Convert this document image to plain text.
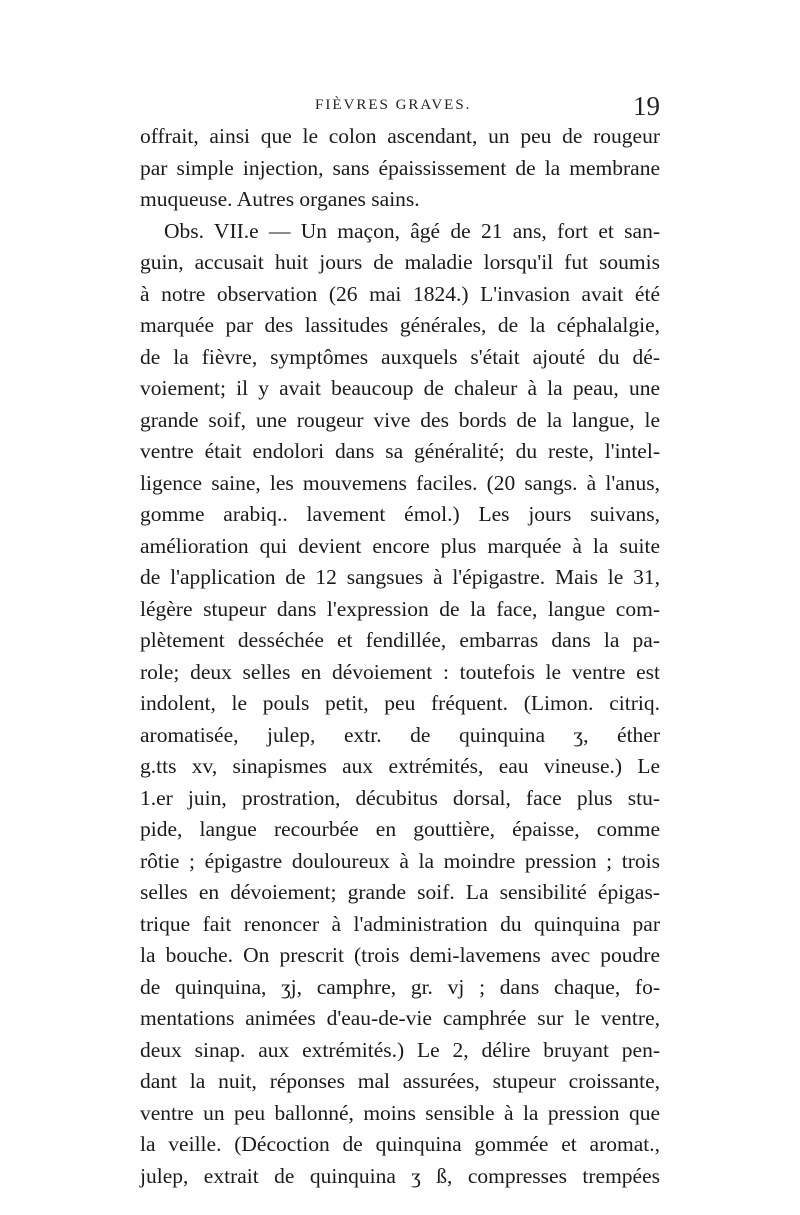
FIÈVRES GRAVES.	19
offrait, ainsi que le colon ascendant, un peu de rougeur
par simple injection, sans épaississement de la membrane
muqueuse. Autres organes sains.
Obs. VII.e — Un maçon, âgé de 21 ans, fort et san-
guin, accusait huit jours de maladie lorsqu'il fut soumis
à notre observation (26 mai 1824.) L'invasion avait été
marquée par des lassitudes générales, de la céphalalgie,
de la fièvre, symptômes auxquels s'était ajouté du dé-
voiement; il y avait beaucoup de chaleur à la peau, une
grande soif, une rougeur vive des bords de la langue, le
ventre était endolori dans sa généralité; du reste, l'intel-
ligence saine, les mouvemens faciles. (20 sangs. à l'anus,
gomme arabiq.. lavement émol.) Les jours suivans,
amélioration qui devient encore plus marquée à la suite
de l'application de 12 sangsues à l'épigastre. Mais le 31,
légère stupeur dans l'expression de la face, langue com-
plètement desséchée et fendillée, embarras dans la pa-
role; deux selles en dévoiement : toutefois le ventre est
indolent, le pouls petit, peu fréquent. (Limon. citriq.
aromatisée, julep, extr. de quinquina ʒ, éther
g.tts xv, sinapismes aux extrémités, eau vineuse.) Le
1.er juin, prostration, décubitus dorsal, face plus stu-
pide, langue recourbée en gouttière, épaisse, comme
rôtie ; épigastre douloureux à la moindre pression ; trois
selles en dévoiement; grande soif. La sensibilité épigas-
trique fait renoncer à l'administration du quinquina par
la bouche. On prescrit (trois demi-lavemens avec poudre
de quinquina, ʒj, camphre, gr. vj ; dans chaque, fo-
mentations animées d'eau-de-vie camphrée sur le ventre,
deux sinap. aux extrémités.) Le 2, délire bruyant pen-
dant la nuit, réponses mal assurées, stupeur croissante,
ventre un peu ballonné, moins sensible à la pression que
la veille. (Décoction de quinquina gommée et aromat.,
julep, extrait de quinquina ʒ ß, compresses trempées
